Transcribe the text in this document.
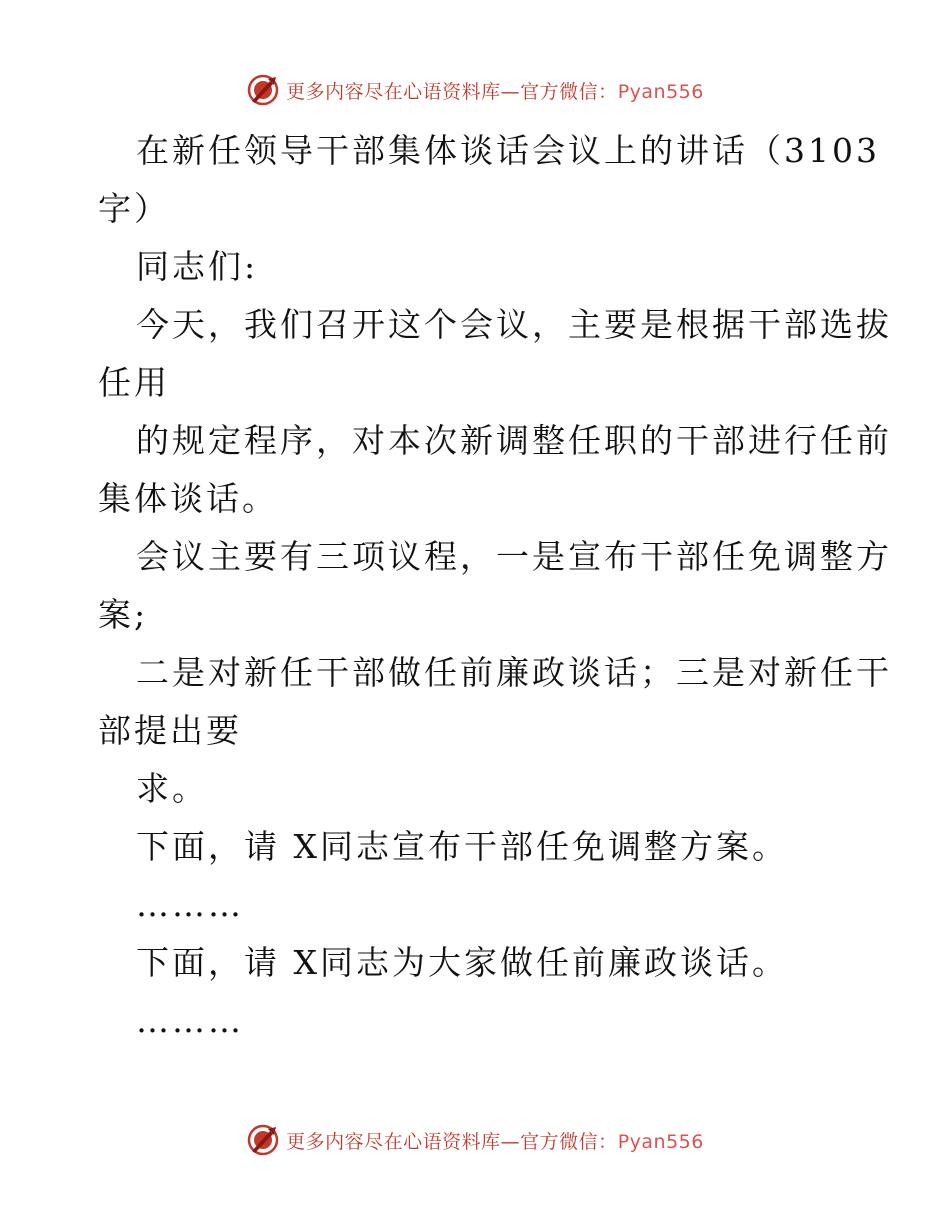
更多内容尽在心语资料库—官方微信：Pyan556
在新任领导干部集体谈话会议上的讲话（3103
字）
同志们:
今天，我们召开这个会议，主要是根据干部选拔
任用
的规定程序，对本次新调整任职的干部进行任前
集体谈话。
会议主要有三项议程，一是宣布干部任免调整方
案;
二是对新任干部做任前廉政谈话；三是对新任干
部提出要
求。
下面，请 X同志宣布干部任免调整方案。
………
下面，请 X同志为大家做任前廉政谈话。
………
更多内容尽在心语资料库—官方微信：Pyan556
